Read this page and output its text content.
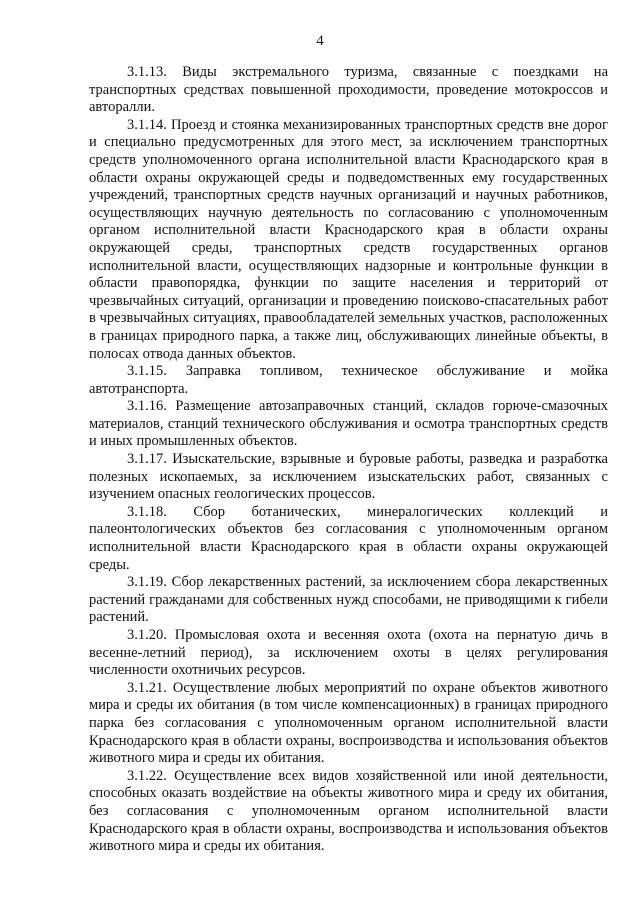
4

3.1.13. Виды экстремального туризма, связанные с поездками на транспортных средствах повышенной проходимости, проведение мотокроссов и авторалли.

3.1.14. Проезд и стоянка механизированных транспортных средств вне дорог и специально предусмотренных для этого мест, за исключением транспортных средств уполномоченного органа исполнительной власти Краснодарского края в области охраны окружающей среды и подведомственных ему государственных учреждений, транспортных средств научных организаций и научных работников, осуществляющих научную деятельность по согласованию с уполномоченным органом исполнительной власти Краснодарского края в области охраны окружающей среды, транспортных средств государственных органов исполнительной власти, осуществляющих надзорные и контрольные функции в области правопорядка, функции по защите населения и территорий от чрезвычайных ситуаций, организации и проведению поисково-спасательных работ в чрезвычайных ситуациях, правообладателей земельных участков, расположенных в границах природного парка, а также лиц, обслуживающих линейные объекты, в полосах отвода данных объектов.

3.1.15. Заправка топливом, техническое обслуживание и мойка автотранспорта.

3.1.16. Размещение автозаправочных станций, складов горюче-смазочных материалов, станций технического обслуживания и осмотра транспортных средств и иных промышленных объектов.

3.1.17. Изыскательские, взрывные и буровые работы, разведка и разработка полезных ископаемых, за исключением изыскательских работ, связанных с изучением опасных геологических процессов.

3.1.18. Сбор ботанических, минералогических коллекций и палеонтологических объектов без согласования с уполномоченным органом исполнительной власти Краснодарского края в области охраны окружающей среды.

3.1.19. Сбор лекарственных растений, за исключением сбора лекарственных растений гражданами для собственных нужд способами, не приводящими к гибели растений.

3.1.20. Промысловая охота и весенняя охота (охота на пернатую дичь в весенне-летний период), за исключением охоты в целях регулирования численности охотничьих ресурсов.

3.1.21. Осуществление любых мероприятий по охране объектов животного мира и среды их обитания (в том числе компенсационных) в границах природного парка без согласования с уполномоченным органом исполнительной власти Краснодарского края в области охраны, воспроизводства и использования объектов животного мира и среды их обитания.

3.1.22. Осуществление всех видов хозяйственной или иной деятельности, способных оказать воздействие на объекты животного мира и среду их обитания, без согласования с уполномоченным органом исполнительной власти Краснодарского края в области охраны, воспроизводства и использования объектов животного мира и среды их обитания.
